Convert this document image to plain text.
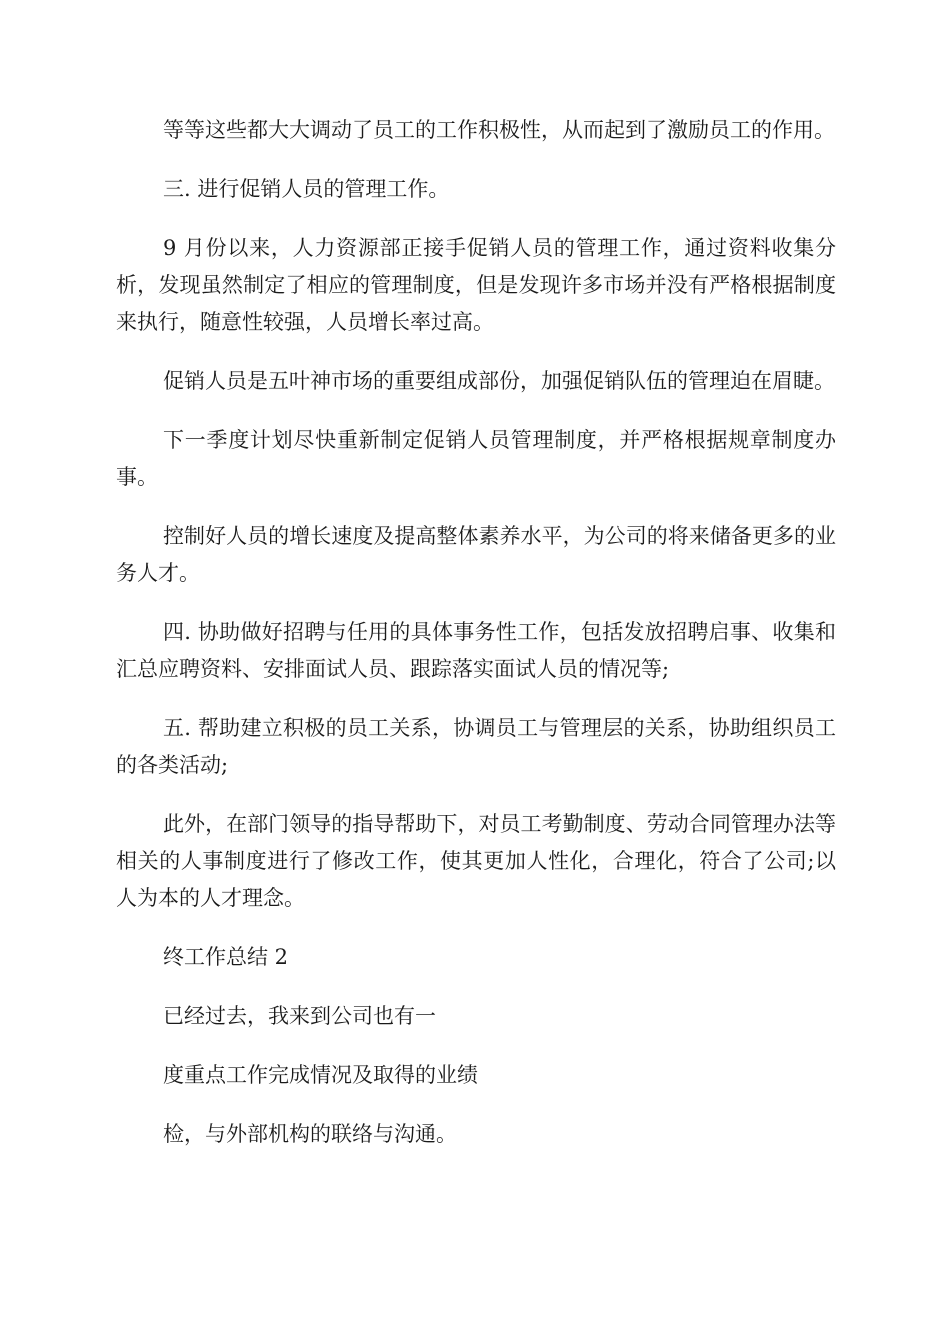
等等这些都大大调动了员工的工作积极性，从而起到了激励员工的作用。

三. 进行促销人员的管理工作。

9 月份以来，人力资源部正接手促销人员的管理工作，通过资料收集分析，发现虽然制定了相应的管理制度，但是发现许多市场并没有严格根据制度来执行，随意性较强，人员增长率过高。

促销人员是五叶神市场的重要组成部份，加强促销队伍的管理迫在眉睫。

下一季度计划尽快重新制定促销人员管理制度，并严格根据规章制度办事。

控制好人员的增长速度及提高整体素养水平，为公司的将来储备更多的业务人才。

四. 协助做好招聘与任用的具体事务性工作，包括发放招聘启事、收集和汇总应聘资料、安排面试人员、跟踪落实面试人员的情况等;

五. 帮助建立积极的员工关系，协调员工与管理层的关系，协助组织员工的各类活动;

此外，在部门领导的指导帮助下，对员工考勤制度、劳动合同管理办法等相关的人事制度进行了修改工作，使其更加人性化，合理化，符合了公司;以人为本的人才理念。

终工作总结 2

已经过去，我来到公司也有一

度重点工作完成情况及取得的业绩

检，与外部机构的联络与沟通。
